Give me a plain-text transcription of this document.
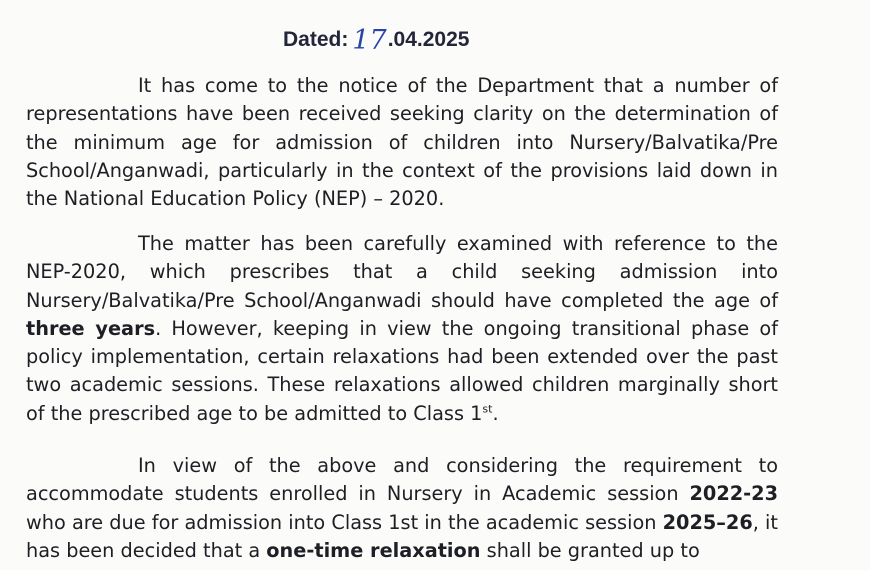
Dated: 17.04.2025

It has come to the notice of the Department that a number of representations have been received seeking clarity on the determination of the minimum age for admission of children into Nursery/Balvatika/Pre School/Anganwadi, particularly in the context of the provisions laid down in the National Education Policy (NEP) – 2020.

The matter has been carefully examined with reference to the NEP-2020, which prescribes that a child seeking admission into Nursery/Balvatika/Pre School/Anganwadi should have completed the age of three years. However, keeping in view the ongoing transitional phase of policy implementation, certain relaxations had been extended over the past two academic sessions. These relaxations allowed children marginally short of the prescribed age to be admitted to Class 1st.

In view of the above and considering the requirement to accommodate students enrolled in Nursery in Academic session 2022-23 who are due for admission into Class 1st in the academic session 2025–26, it has been decided that a one-time relaxation shall be granted up to
